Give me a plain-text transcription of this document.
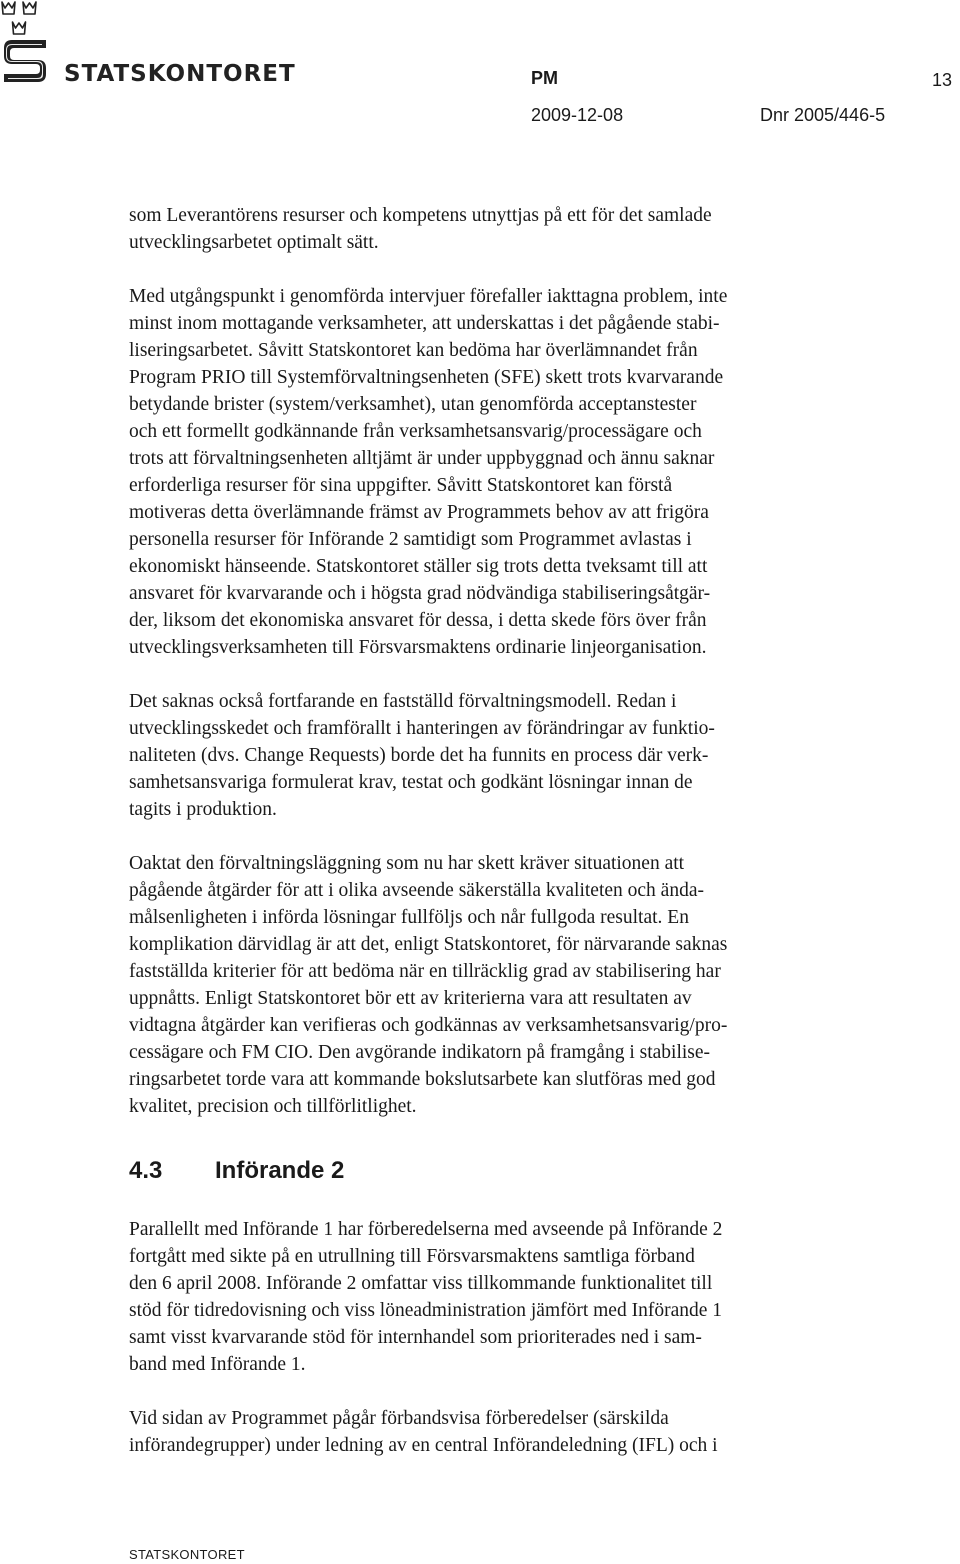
STATSKONTORET	PM	13
2009-12-08	Dnr 2005/446-5

som Leverantörens resurser och kompetens utnyttjas på ett för det samlade
utvecklingsarbetet optimalt sätt.

Med utgångspunkt i genomförda intervjuer förefaller iakttagna problem, inte
minst inom mottagande verksamheter, att underskattas i det pågående stabi-
liseringsarbetet. Såvitt Statskontoret kan bedöma har överlämnandet från
Program PRIO till Systemförvaltningsenheten (SFE) skett trots kvarvarande
betydande brister (system/verksamhet), utan genomförda acceptanstester
och ett formellt godkännande från verksamhetsansvarig/processägare och
trots att förvaltningsenheten alltjämt är under uppbyggnad och ännu saknar
erforderliga resurser för sina uppgifter. Såvitt Statskontoret kan förstå
motiveras detta överlämnande främst av Programmets behov av att frigöra
personella resurser för Införande 2 samtidigt som Programmet avlastas i
ekonomiskt hänseende. Statskontoret ställer sig trots detta tveksamt till att
ansvaret för kvarvarande och i högsta grad nödvändiga stabiliseringsåtgär-
der, liksom det ekonomiska ansvaret för dessa, i detta skede förs över från
utvecklingsverksamheten till Försvarsmaktens ordinarie linjeorganisation.

Det saknas också fortfarande en fastställd förvaltningsmodell. Redan i
utvecklingsskedet och framförallt i hanteringen av förändringar av funktio-
naliteten (dvs. Change Requests) borde det ha funnits en process där verk-
samhetsansvariga formulerat krav, testat och godkänt lösningar innan de
tagits i produktion.

Oaktat den förvaltningsläggning som nu har skett kräver situationen att
pågående åtgärder för att i olika avseende säkerställa kvaliteten och ända-
målsenligheten i införda lösningar fullföljs och når fullgoda resultat. En
komplikation därvidlag är att det, enligt Statskontoret, för närvarande saknas
fastställda kriterier för att bedöma när en tillräcklig grad av stabilisering har
uppnåtts. Enligt Statskontoret bör ett av kriterierna vara att resultaten av
vidtagna åtgärder kan verifieras och godkännas av verksamhetsansvarig/pro-
cessägare och FM CIO. Den avgörande indikatorn på framgång i stabilise-
ringsarbetet torde vara att kommande bokslutsarbete kan slutföras med god
kvalitet, precision och tillförlitlighet.

4.3	Införande 2

Parallellt med Införande 1 har förberedelserna med avseende på Införande 2
fortgått med sikte på en utrullning till Försvarsmaktens samtliga förband
den 6 april 2008. Införande 2 omfattar viss tillkommande funktionalitet till
stöd för tidredovisning och viss löneadministration jämfört med Införande 1
samt visst kvarvarande stöd för internhandel som prioriterades ned i sam-
band med Införande 1.

Vid sidan av Programmet pågår förbandsvisa förberedelser (särskilda
införandegrupper) under ledning av en central Införandeledning (IFL) och i

STATSKONTORET
